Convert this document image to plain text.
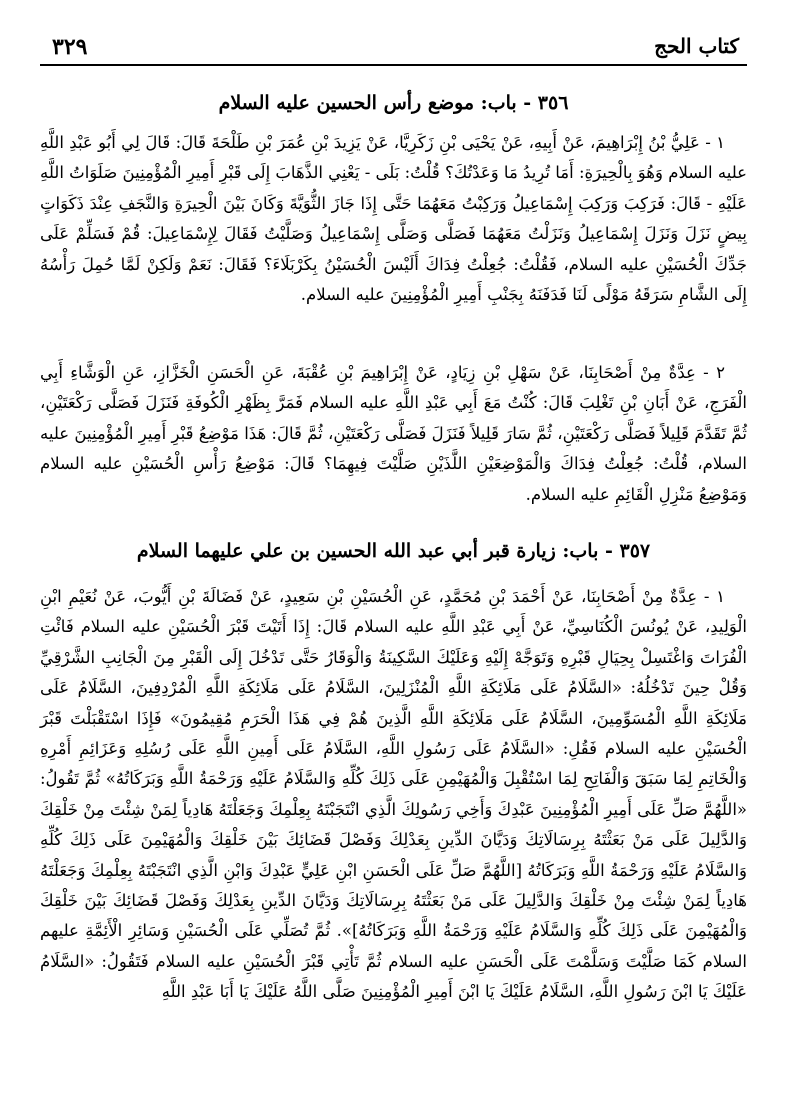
كتاب الحج
٣٢٩
٣٥٦ - باب: موضع رأس الحسين عليه السلام
١ - عَلِيُّ بْنُ إِبْرَاهِيمَ، عَنْ أَبِيهِ، عَنْ يَحْيَى بْنِ زَكَرِيَّا، عَنْ يَزِيدَ بْنِ عُمَرَ بْنِ طَلْحَةَ قَالَ: قَالَ لِي أَبُو عَبْدِ اللَّهِ عليه السلام وَهُوَ بِالْحِيرَةِ: أَمَا تُرِيدُ مَا وَعَدْتُكَ؟ قُلْتُ: بَلَى - يَعْنِي الذَّهَابَ إِلَى قَبْرِ أَمِيرِ الْمُؤْمِنِينَ صَلَوَاتُ اللَّهِ عَلَيْهِ - قَالَ: فَرَكِبَ وَرَكِبَ إِسْمَاعِيلُ وَرَكِبْتُ مَعَهُمَا حَتَّى إِذَا جَازَ الثُّوَيَّةَ وَكَانَ بَيْنَ الْحِيرَةِ وَالنَّجَفِ عِنْدَ ذَكَوَاتٍ بِيضٍ نَزَلَ وَنَزَلَ إِسْمَاعِيلُ وَنَزَلْتُ مَعَهُمَا فَصَلَّى وَصَلَّى إِسْمَاعِيلُ وَصَلَّيْتُ فَقَالَ لِإِسْمَاعِيلَ: قُمْ فَسَلِّمْ عَلَى جَدِّكَ الْحُسَيْنِ عليه السلام، فَقُلْتُ: جُعِلْتُ فِدَاكَ أَلَيْسَ الْحُسَيْنُ بِكَرْبَلَاءَ؟ فَقَالَ: نَعَمْ وَلَكِنْ لَمَّا حُمِلَ رَأْسُهُ إِلَى الشَّامِ سَرَقَهُ مَوْلًى لَنَا فَدَفَنَهُ بِجَنْبِ أَمِيرِ الْمُؤْمِنِينَ عليه السلام.
٢ - عِدَّةٌ مِنْ أَصْحَابِنَا، عَنْ سَهْلِ بْنِ زِيَادٍ، عَنْ إِبْرَاهِيمَ بْنِ عُقْبَةَ، عَنِ الْحَسَنِ الْخَزَّازِ، عَنِ الْوَشَّاءِ أَبِي الْفَرَجِ، عَنْ أَبَانِ بْنِ تَغْلِبَ قَالَ: كُنْتُ مَعَ أَبِي عَبْدِ اللَّهِ عليه السلام فَمَرَّ بِظَهْرِ الْكُوفَةِ فَنَزَلَ فَصَلَّى رَكْعَتَيْنِ، ثُمَّ تَقَدَّمَ قَلِيلاً فَصَلَّى رَكْعَتَيْنِ، ثُمَّ سَارَ قَلِيلاً فَنَزَلَ فَصَلَّى رَكْعَتَيْنِ، ثُمَّ قَالَ: هَذَا مَوْضِعُ قَبْرِ أَمِيرِ الْمُؤْمِنِينَ عليه السلام، قُلْتُ: جُعِلْتُ فِدَاكَ وَالْمَوْضِعَيْنِ اللَّذَيْنِ صَلَّيْتَ فِيهِمَا؟ قَالَ: مَوْضِعُ رَأْسِ الْحُسَيْنِ عليه السلام وَمَوْضِعُ مَنْزِلِ الْقَائِمِ عليه السلام.
٣٥٧ - باب: زيارة قبر أبي عبد الله الحسين بن علي عليهما السلام
١ - عِدَّةٌ مِنْ أَصْحَابِنَا، عَنْ أَحْمَدَ بْنِ مُحَمَّدٍ، عَنِ الْحُسَيْنِ بْنِ سَعِيدٍ، عَنْ فَضَالَةَ بْنِ أَيُّوبَ، عَنْ نُعَيْمِ ابْنِ الْوَلِيدِ، عَنْ يُونُسَ الْكُنَاسِيِّ، عَنْ أَبِي عَبْدِ اللَّهِ عليه السلام قَالَ: إِذَا أَتَيْتَ قَبْرَ الْحُسَيْنِ عليه السلام فَائْتِ الْفُرَاتَ وَاغْتَسِلْ بِحِيَالِ قَبْرِهِ وَتَوَجَّهْ إِلَيْهِ وَعَلَيْكَ السَّكِينَةُ وَالْوَقَارُ حَتَّى تَدْخُلَ إِلَى الْقَبْرِ مِنَ الْجَانِبِ الشَّرْقِيِّ وَقُلْ حِينَ تَدْخُلُهُ: «السَّلَامُ عَلَى مَلَائِكَةِ اللَّهِ الْمُنْزَلِينَ، السَّلَامُ عَلَى مَلَائِكَةِ اللَّهِ الْمُرْدِفِينَ، السَّلَامُ عَلَى مَلَائِكَةِ اللَّهِ الْمُسَوِّمِينَ، السَّلَامُ عَلَى مَلَائِكَةِ اللَّهِ الَّذِينَ هُمْ فِي هَذَا الْحَرَمِ مُقِيمُونَ» فَإِذَا اسْتَقْبَلْتَ قَبْرَ الْحُسَيْنِ عليه السلام فَقُلِ: «السَّلَامُ عَلَى رَسُولِ اللَّهِ، السَّلَامُ عَلَى أَمِينِ اللَّهِ عَلَى رُسُلِهِ وَعَزَائِمِ أَمْرِهِ وَالْخَاتِمِ لِمَا سَبَقَ وَالْفَاتِحِ لِمَا اسْتُقْبِلَ وَالْمُهَيْمِنِ عَلَى ذَلِكَ كُلِّهِ وَالسَّلَامُ عَلَيْهِ وَرَحْمَةُ اللَّهِ وَبَرَكَاتُهُ» ثُمَّ تَقُولُ: «اللَّهُمَّ صَلِّ عَلَى أَمِيرِ الْمُؤْمِنِينَ عَبْدِكَ وَأَخِي رَسُولِكَ الَّذِي انْتَجَبْتَهُ بِعِلْمِكَ وَجَعَلْتَهُ هَادِياً لِمَنْ شِئْتَ مِنْ خَلْقِكَ وَالدَّلِيلَ عَلَى مَنْ بَعَثْتَهُ بِرِسَالَاتِكَ وَدَيَّانَ الدِّينِ بِعَدْلِكَ وَفَصْلَ قَضَائِكَ بَيْنَ خَلْقِكَ وَالْمُهَيْمِنَ عَلَى ذَلِكَ كُلِّهِ وَالسَّلَامُ عَلَيْهِ وَرَحْمَةُ اللَّهِ وَبَرَكَاتُهُ [اللَّهُمَّ صَلِّ عَلَى الْحَسَنِ ابْنِ عَلِيٍّ عَبْدِكَ وَابْنِ الَّذِي انْتَجَبْتَهُ بِعِلْمِكَ وَجَعَلْتَهُ هَادِياً لِمَنْ شِئْتَ مِنْ خَلْقِكَ وَالدَّلِيلَ عَلَى مَنْ بَعَثْتَهُ بِرِسَالَاتِكَ وَدَيَّانَ الدِّينِ بِعَدْلِكَ وَفَصْلَ قَضَائِكَ بَيْنَ خَلْقِكَ وَالْمُهَيْمِنَ عَلَى ذَلِكَ كُلِّهِ وَالسَّلَامُ عَلَيْهِ وَرَحْمَةُ اللَّهِ وَبَرَكَاتُهُ]». ثُمَّ تُصَلِّي عَلَى الْحُسَيْنِ وَسَائِرِ الْأَئِمَّةِ عليهم السلام كَمَا صَلَّيْتَ وَسَلَّمْتَ عَلَى الْحَسَنِ عليه السلام ثُمَّ تَأْتِي قَبْرَ الْحُسَيْنِ عليه السلام فَتَقُولُ: «السَّلَامُ عَلَيْكَ يَا ابْنَ رَسُولِ اللَّهِ، السَّلَامُ عَلَيْكَ يَا ابْنَ أَمِيرِ الْمُؤْمِنِينَ صَلَّى اللَّهُ عَلَيْكَ يَا أَبَا عَبْدِ اللَّهِ
